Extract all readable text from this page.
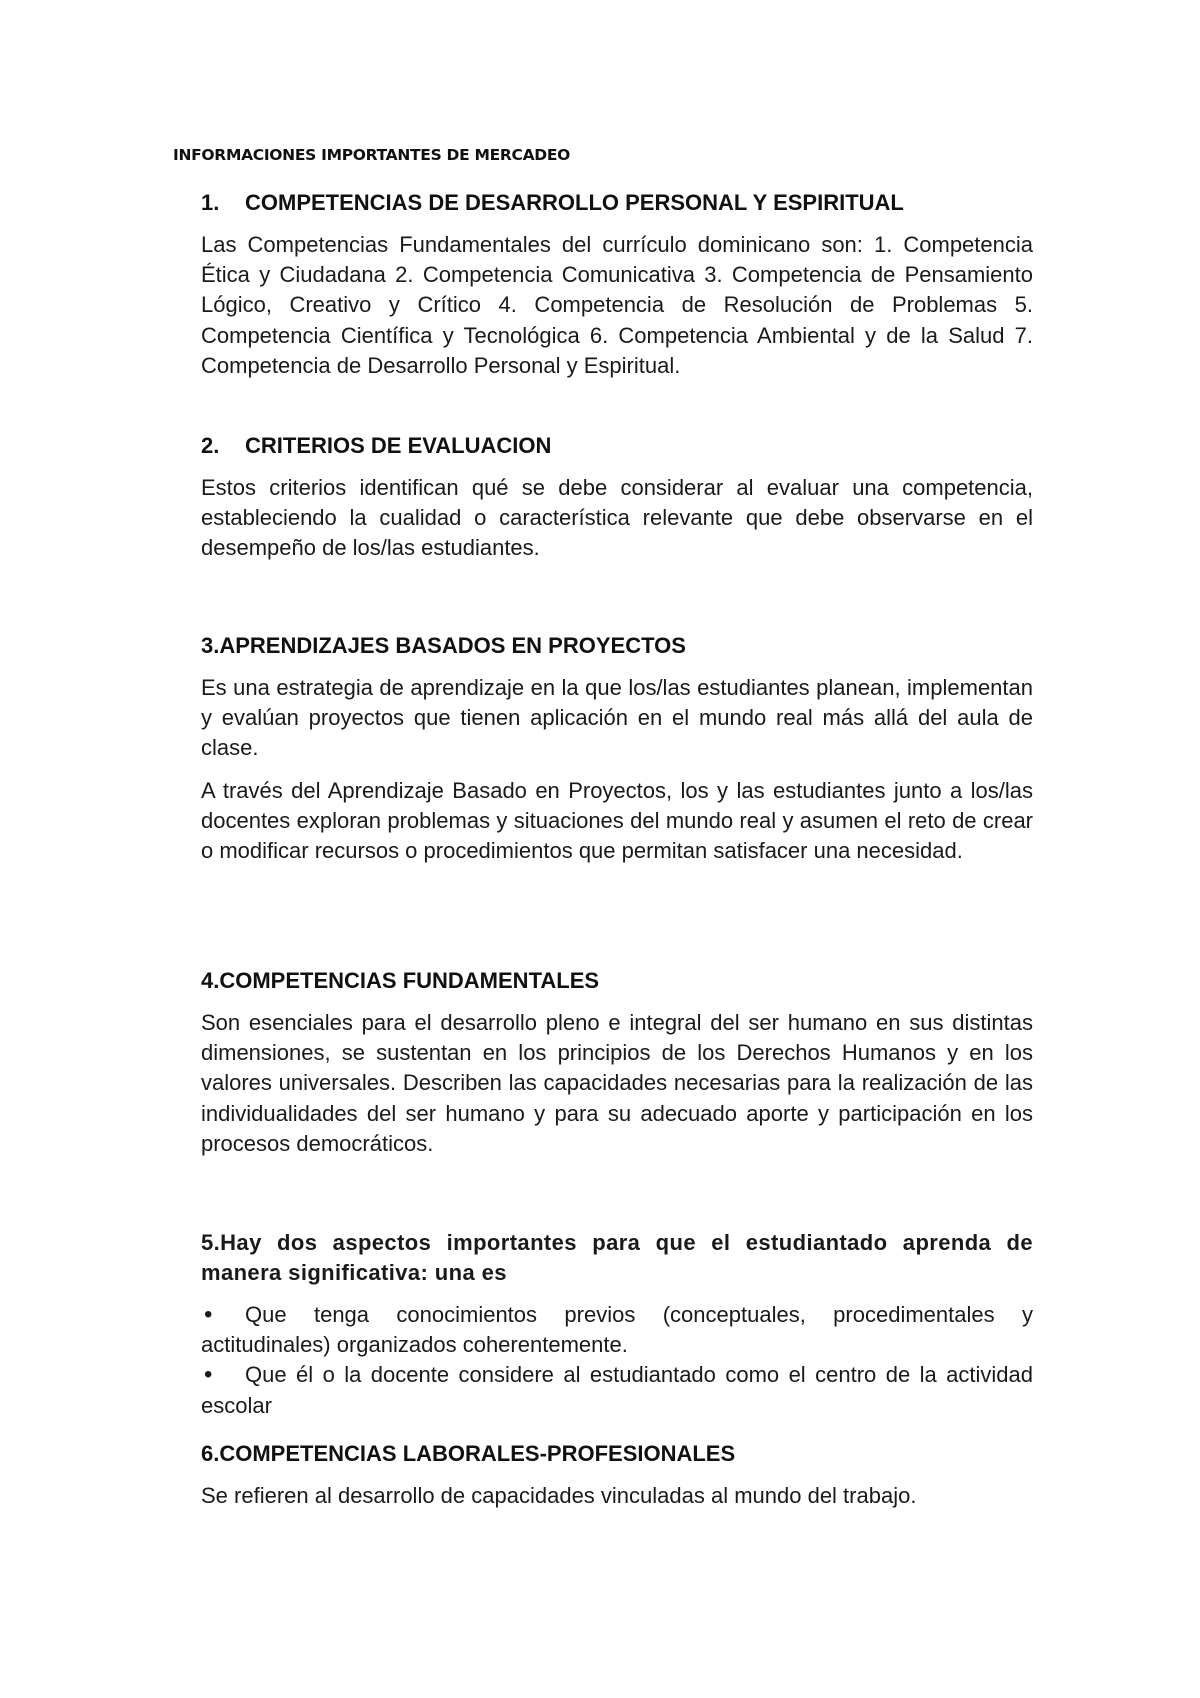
INFORMACIONES IMPORTANTES DE MERCADEO
1. COMPETENCIAS DE DESARROLLO PERSONAL Y ESPIRITUAL
Las Competencias Fundamentales del currículo dominicano son: 1. Competencia Ética y Ciudadana 2. Competencia Comunicativa 3. Competencia de Pensamiento Lógico, Creativo y Crítico 4. Competencia de Resolución de Problemas 5. Competencia Científica y Tecnológica 6. Competencia Ambiental y de la Salud 7. Competencia de Desarrollo Personal y Espiritual.
2. CRITERIOS DE EVALUACION
Estos criterios identifican qué se debe considerar al evaluar una competencia, estableciendo la cualidad o característica relevante que debe observarse en el desempeño de los/las estudiantes.
3.APRENDIZAJES BASADOS EN PROYECTOS
Es una estrategia de aprendizaje en la que los/las estudiantes planean, implementan y evalúan proyectos que tienen aplicación en el mundo real más allá del aula de clase.
A través del Aprendizaje Basado en Proyectos, los y las estudiantes junto a los/las docentes exploran problemas y situaciones del mundo real y asumen el reto de crear o modificar recursos o procedimientos que permitan satisfacer una necesidad.
4.COMPETENCIAS FUNDAMENTALES
Son esenciales para el desarrollo pleno e integral del ser humano en sus distintas dimensiones, se sustentan en los principios de los Derechos Humanos y en los valores universales. Describen las capacidades necesarias para la realización de las individualidades del ser humano y para su adecuado aporte y participación en los procesos democráticos.
5.Hay dos aspectos importantes para que el estudiantado aprenda de manera significativa: una es
• Que tenga conocimientos previos (conceptuales, procedimentales y actitudinales) organizados coherentemente.
• Que él o la docente considere al estudiantado como el centro de la actividad escolar
6.COMPETENCIAS LABORALES-PROFESIONALES
Se refieren al desarrollo de capacidades vinculadas al mundo del trabajo.
